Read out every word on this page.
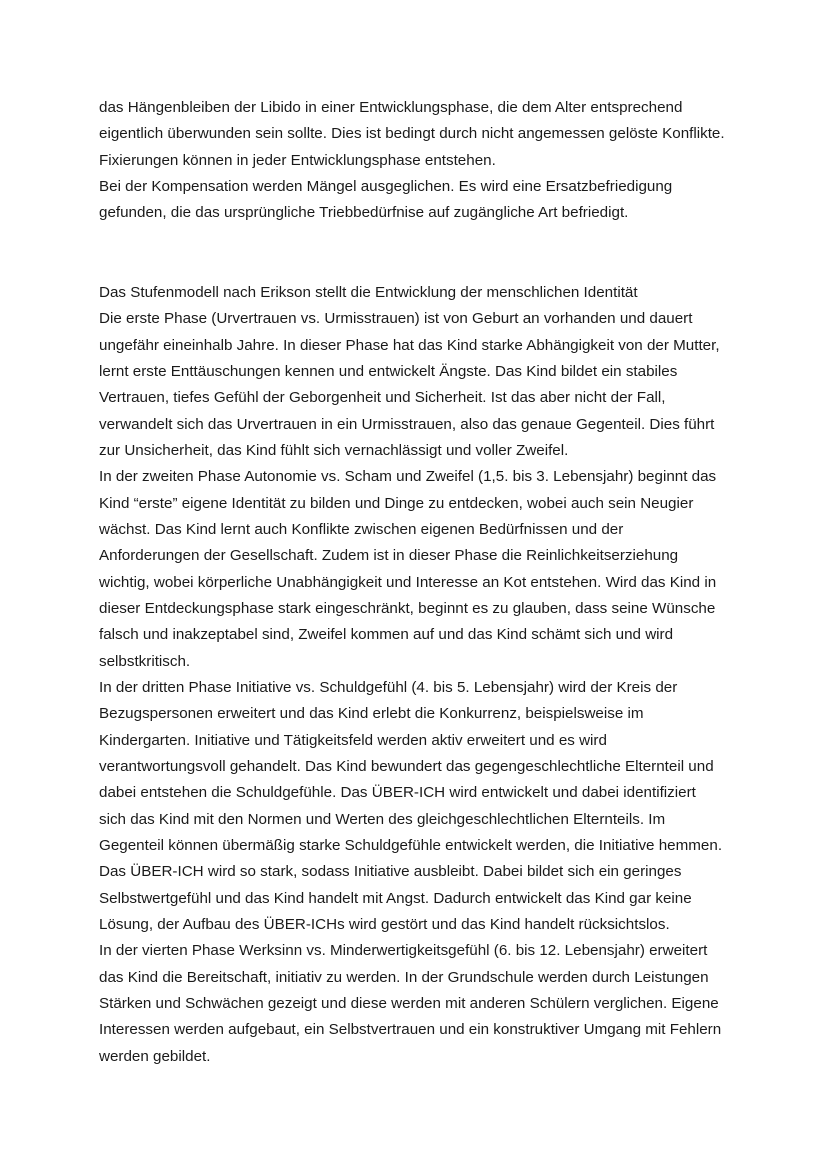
das Hängenbleiben der Libido in einer Entwicklungsphase, die dem Alter entsprechend
eigentlich überwunden sein sollte. Dies ist bedingt durch nicht angemessen gelöste Konflikte.
Fixierungen können in jeder Entwicklungsphase entstehen.
Bei der Kompensation werden Mängel ausgeglichen. Es wird eine Ersatzbefriedigung
gefunden, die das ursprüngliche Triebbedürfnise auf zugängliche Art befriedigt.
Das Stufenmodell nach Erikson stellt die Entwicklung der menschlichen Identität
Die erste Phase (Urvertrauen vs. Urmisstrauen) ist von Geburt an vorhanden und dauert
ungefähr eineinhalb Jahre. In dieser Phase hat das Kind starke Abhängigkeit von der Mutter,
lernt erste Enttäuschungen kennen und entwickelt Ängste. Das Kind bildet ein stabiles
Vertrauen, tiefes Gefühl der Geborgenheit und Sicherheit. Ist das aber nicht der Fall,
verwandelt sich das Urvertrauen in ein Urmisstrauen, also das genaue Gegenteil. Dies führt
zur Unsicherheit, das Kind fühlt sich vernachlässigt und voller Zweifel.
In der zweiten Phase Autonomie vs. Scham und Zweifel (1,5. bis 3. Lebensjahr) beginnt das
Kind “erste” eigene Identität zu bilden und Dinge zu entdecken, wobei auch sein Neugier
wächst. Das Kind lernt auch Konflikte zwischen eigenen Bedürfnissen und der
Anforderungen der Gesellschaft. Zudem ist in dieser Phase die Reinlichkeitserziehung
wichtig, wobei körperliche Unabhängigkeit und Interesse an Kot entstehen. Wird das Kind in
dieser Entdeckungsphase stark eingeschränkt, beginnt es zu glauben, dass seine Wünsche
falsch und inakzeptabel sind, Zweifel kommen auf und das Kind schämt sich und wird
selbstkritisch.
In der dritten Phase Initiative vs. Schuldgefühl (4. bis 5. Lebensjahr) wird der Kreis der
Bezugspersonen erweitert und das Kind erlebt die Konkurrenz, beispielsweise im
Kindergarten. Initiative und Tätigkeitsfeld werden aktiv erweitert und es wird
verantwortungsvoll gehandelt. Das Kind bewundert das gegengeschlechtliche Elternteil und
dabei entstehen die Schuldgefühle. Das ÜBER-ICH wird entwickelt und dabei identifiziert
sich das Kind mit den Normen und Werten des gleichgeschlechtlichen Elternteils. Im
Gegenteil können übermäßig starke Schuldgefühle entwickelt werden, die Initiative hemmen.
Das ÜBER-ICH wird so stark, sodass Initiative ausbleibt. Dabei bildet sich ein geringes
Selbstwertgefühl und das Kind handelt mit Angst. Dadurch entwickelt das Kind gar keine
Lösung, der Aufbau des ÜBER-ICHs wird gestört und das Kind handelt rücksichtslos.
In der vierten Phase Werksinn vs. Minderwertigkeitsgefühl (6. bis 12. Lebensjahr) erweitert
das Kind die Bereitschaft, initiativ zu werden. In der Grundschule werden durch Leistungen
Stärken und Schwächen gezeigt und diese werden mit anderen Schülern verglichen. Eigene
Interessen werden aufgebaut, ein Selbstvertrauen und ein konstruktiver Umgang mit Fehlern
werden gebildet.
